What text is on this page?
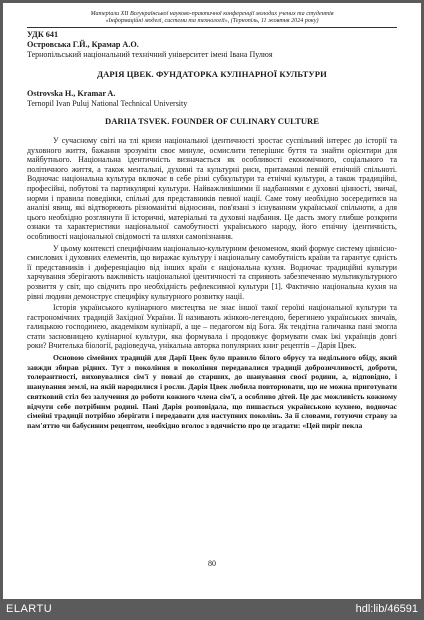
Матеріали XII Всеукраїнської науково-практичної конференції молодих учених та студентів
«Інформаційні моделі, системи та технології», (Тернопіль, 11 жовтня 2024 року)
УДК 641
Островська Г.Й., Крамар А.О.
Тернопільський національний технічний університет імені Івана Пулюя
ДАРІЯ ЦВЕК. ФУНДАТОРКА КУЛІНАРНОЇ КУЛЬТУРИ
Ostrovska H., Kramar A.
Ternopil Ivan Puluj National Technical University
DARIIA TSVEK. FOUNDER OF CULINARY CULTURE

У сучасному світі на тлі кризи національної ідентичності зростає суспільний інтерес до історії та духовного життя, бажання зрозуміти своє минуле, осмислити теперішнє буття та знайти орієнтири для майбутнього. Національна ідентичність визначається як особливості економічного, соціального та політичного життя, а також ментальні, духовні та культурні риси, притаманні певній етнічній спільноті. Водночас національна культура включає в себе різні субкультури та етнічні культури, а також традиційні, професійні, побутові та партикулярні культури. Найважливішими її надбаннями є духовні цінності, звичаї, норми і правила поведінки, спільні для представників певної нації. Саме тому необхідно зосередитися на аналізі явищ, які відтворюють різноманітні відносини, пов'язані з існуванням української спільноти, а для цього необхідно розглянути її історичні, матеріальні та духовні надбання. Це дасть змогу глибше розкрити ознаки та характеристики національної самобутності українського народу, його етнічну ідентичність, особливості національної свідомості та шляхи самопізнання.

У цьому контексті специфічним національно-культурним феноменом, який формує систему ціннісно-смислових і духовних елементів, що виражає культуру і національну самобутність країни та гарантує єдність її представників і диференціацію від інших країн є національна кухня. Водночас традиційні культури харчування зберігають важливість національної ідентичності та сприяють забезпеченню мультикультурного розвиття у світ, що свідчить про необхідність рефлексивної культури [1]. Фактично національна кухня на рівні людини демонструє специфіку культурного розвитку нації.

Історія українського кулінарного мистецтва не знає іншої такої героїні національної культури та гастрономічних традицій Західної України. Її називають жінкою-легендою, берегинею українських звичаїв, галицькою господинею, академіком кулінарії, а ще – педагогом від Бога. Як тендітна галичанка пані змогла стати засновницею кулінарної культури, яка формувала і продовжує формувати смак їжі українців довгі роки? Вчителька біології, радіоведуча, унікальна авторка популярних книг рецептів – Дарія Цвек.

Основою сімейних традицій для Дарії Цвек було правило білого обрусу та недільного обіду, який завжди збирав рідних. Тут з покоління в покоління передавалися традиції доброзичливості, доброти, толерантності, виховувалися сім'ї у повазі до старших, до шанування своєї родини, а, відповідно, і шанування землі, на якій народилися і росли. Дарія Цвек любила повторювати, що не можна приготувати святковий стіл без залучення до роботи кожного члена сім'ї, а особливо дітей. Це дає можливість кожному відчути себе потрібним родині. Пані Дарія розповідала, що пишається українською кухнею, водночас сімейні традиції потрібно зберігати і передавати для наступних поколінь. За її словами, готуючи страву за пам'яттю чи бабусиним рецептом, необхідно вголос з вдячністю про це згадати: «Цей пиріг пекла

80
ELARTU	hdl:lib/46591
